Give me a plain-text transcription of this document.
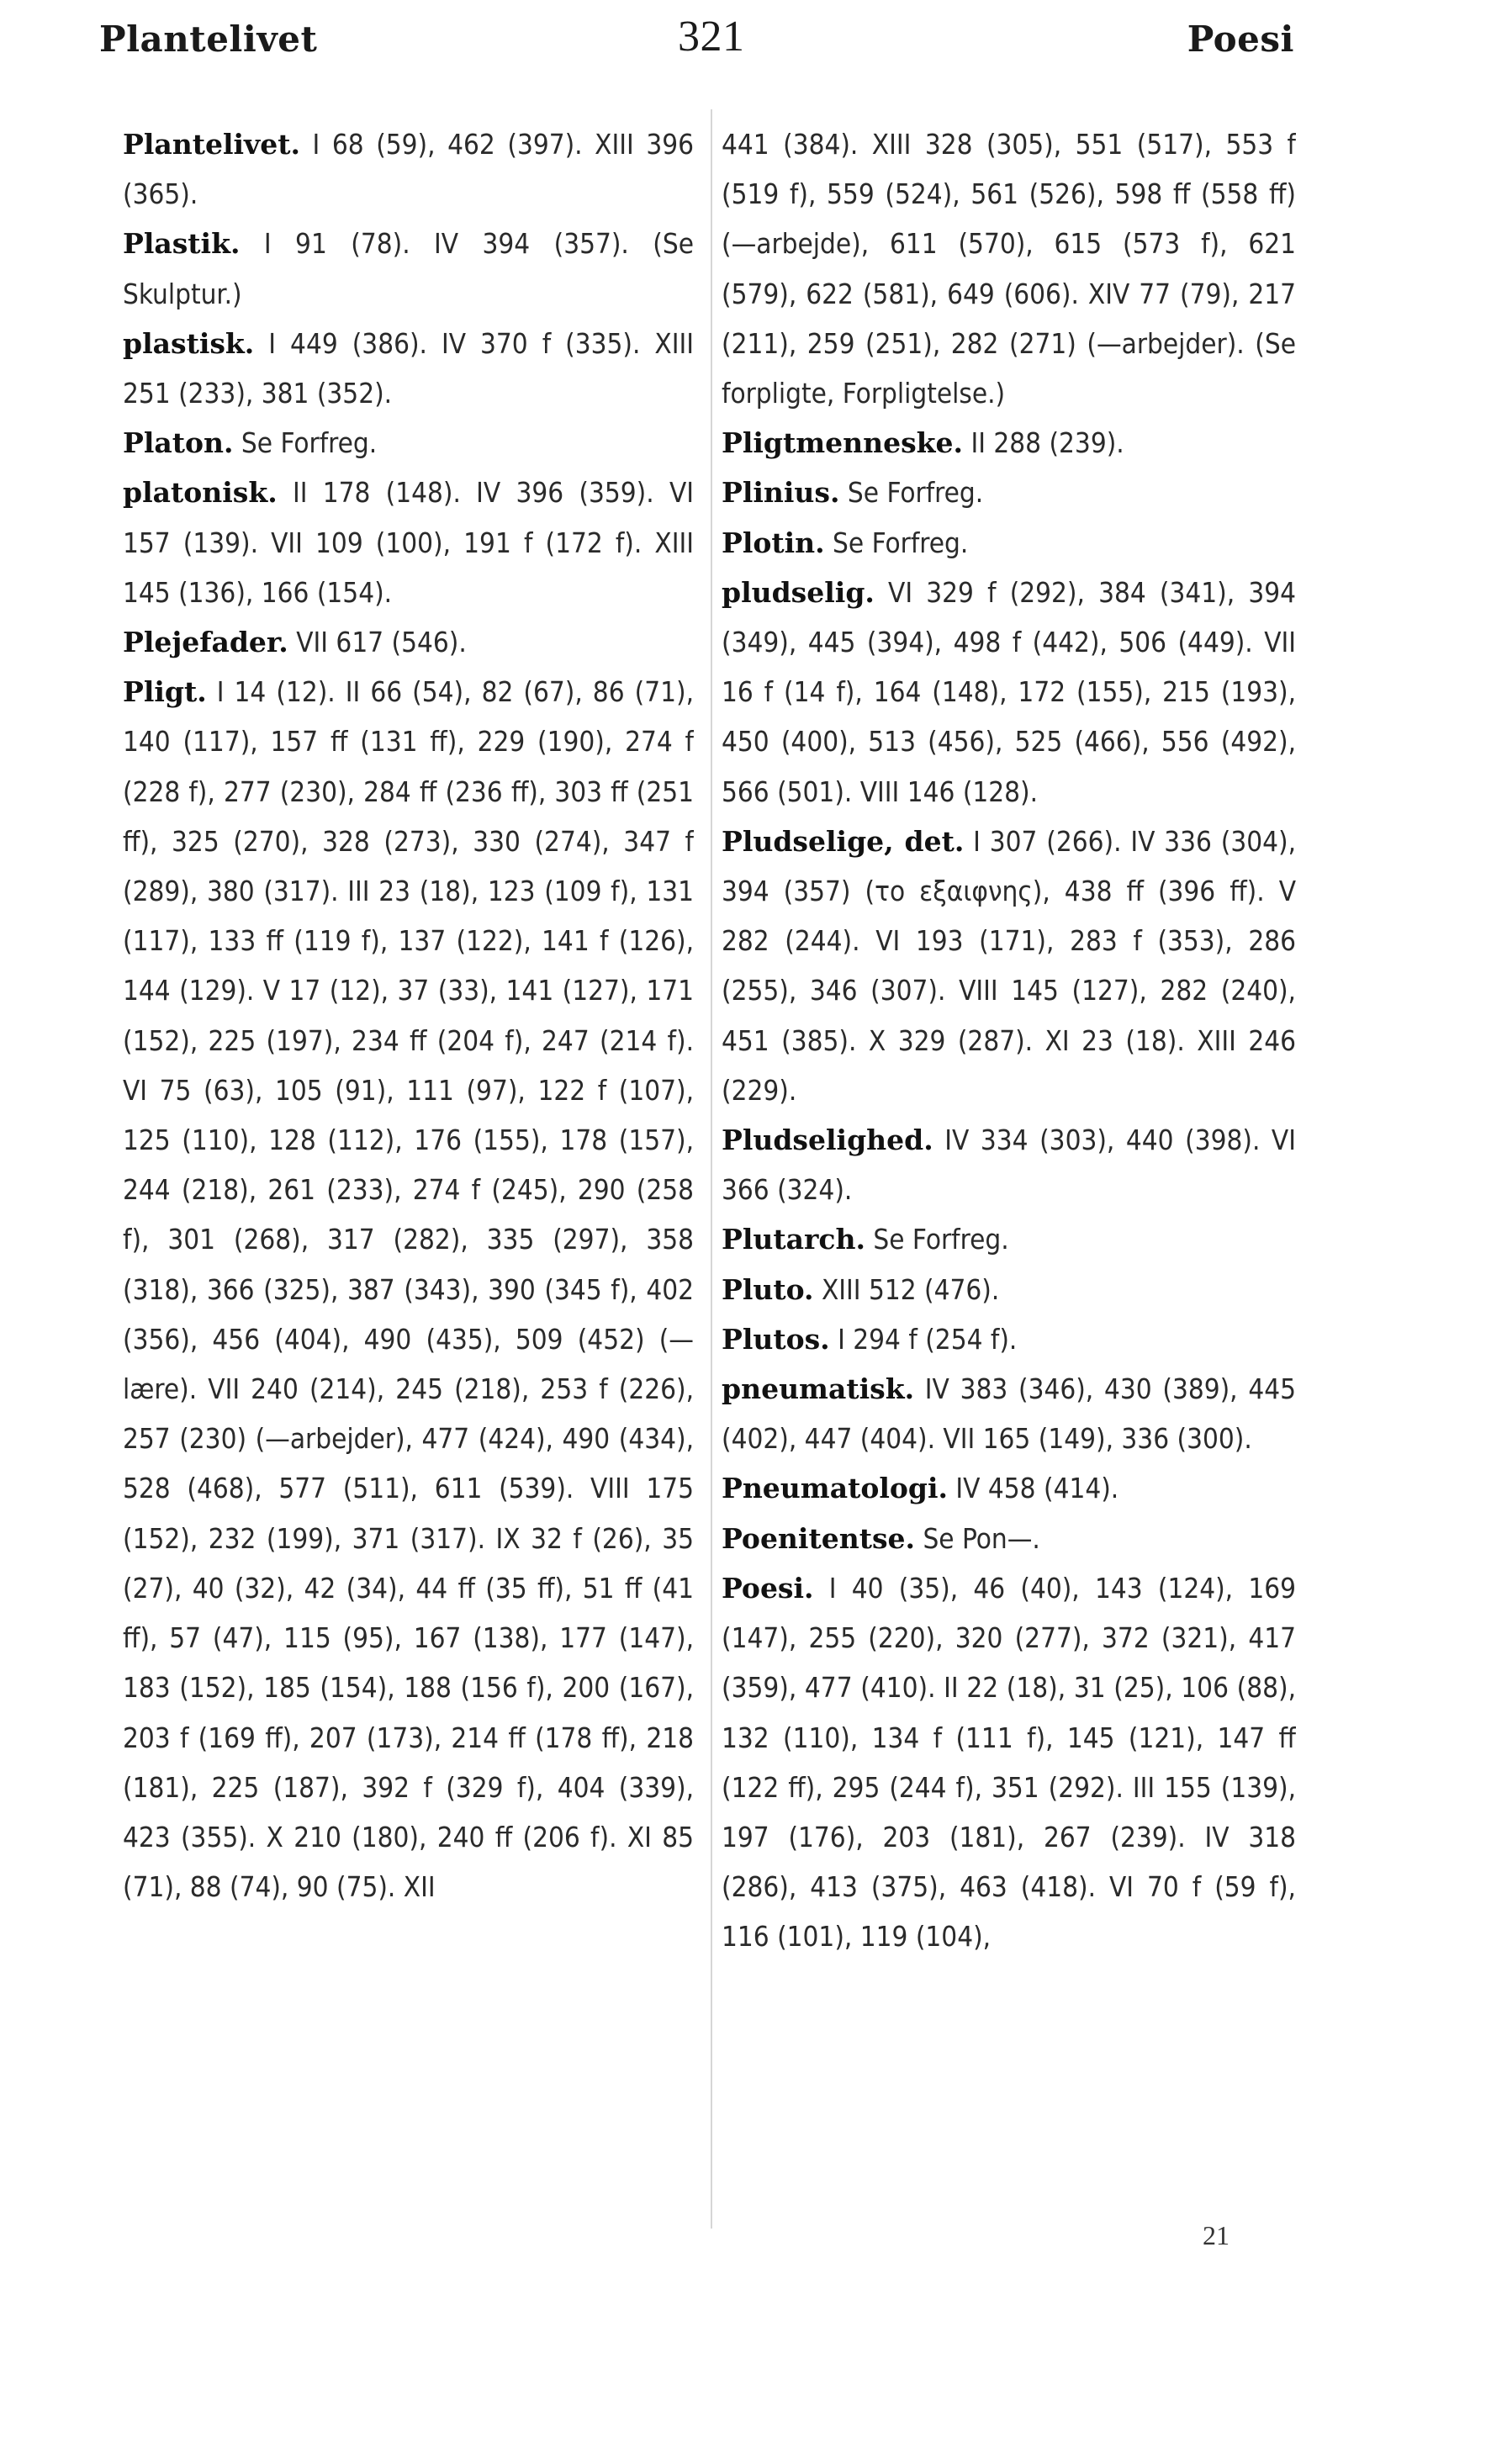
Plantelivet	321	Poesi

Plantelivet. I 68 (59), 462 (397). XIII 396 (365).

Plastik. I 91 (78). IV 394 (357). (Se Skulptur.)

plastisk. I 449 (386). IV 370 f (335). XIII 251 (233), 381 (352).

Platon. Se Forfreg.

platonisk. II 178 (148). IV 396 (359). VI 157 (139). VII 109 (100), 191 f (172 f). XIII 145 (136), 166 (154).

Plejefader. VII 617 (546).

Pligt. I 14 (12). II 66 (54), 82 (67), 86 (71), 140 (117), 157 ff (131 ff), 229 (190), 274 f (228 f), 277 (230), 284 ff (236 ff), 303 ff (251 ff), 325 (270), 328 (273), 330 (274), 347 f (289), 380 (317). III 23 (18), 123 (109 f), 131 (117), 133 ff (119 f), 137 (122), 141 f (126), 144 (129). V 17 (12), 37 (33), 141 (127), 171 (152), 225 (197), 234 ff (204 f), 247 (214 f). VI 75 (63), 105 (91), 111 (97), 122 f (107), 125 (110), 128 (112), 176 (155), 178 (157), 244 (218), 261 (233), 274 f (245), 290 (258 f), 301 (268), 317 (282), 335 (297), 358 (318), 366 (325), 387 (343), 390 (345 f), 402 (356), 456 (404), 490 (435), 509 (452) (—lære). VII 240 (214), 245 (218), 253 f (226), 257 (230) (—arbejder), 477 (424), 490 (434), 528 (468), 577 (511), 611 (539). VIII 175 (152), 232 (199), 371 (317). IX 32 f (26), 35 (27), 40 (32), 42 (34), 44 ff (35 ff), 51 ff (41 ff), 57 (47), 115 (95), 167 (138), 177 (147), 183 (152), 185 (154), 188 (156 f), 200 (167), 203 f (169 ff), 207 (173), 214 ff (178 ff), 218 (181), 225 (187), 392 f (329 f), 404 (339), 423 (355). X 210 (180), 240 ff (206 f). XI 85 (71), 88 (74), 90 (75). XII

441 (384). XIII 328 (305), 551 (517), 553 f (519 f), 559 (524), 561 (526), 598 ff (558 ff) (—arbejde), 611 (570), 615 (573 f), 621 (579), 622 (581), 649 (606). XIV 77 (79), 217 (211), 259 (251), 282 (271) (—arbejder). (Se forpligte, Forpligtelse.)

Pligtmenneske. II 288 (239).

Plinius. Se Forfreg.

Plotin. Se Forfreg.

pludselig. VI 329 f (292), 384 (341), 394 (349), 445 (394), 498 f (442), 506 (449). VII 16 f (14 f), 164 (148), 172 (155), 215 (193), 450 (400), 513 (456), 525 (466), 556 (492), 566 (501). VIII 146 (128).

Pludselige, det. I 307 (266). IV 336 (304), 394 (357) (το εξαιφνης), 438 ff (396 ff). V 282 (244). VI 193 (171), 283 f (353), 286 (255), 346 (307). VIII 145 (127), 282 (240), 451 (385). X 329 (287). XI 23 (18). XIII 246 (229).

Pludselighed. IV 334 (303), 440 (398). VI 366 (324).

Plutarch. Se Forfreg.

Pluto. XIII 512 (476).

Plutos. I 294 f (254 f).

pneumatisk. IV 383 (346), 430 (389), 445 (402), 447 (404). VII 165 (149), 336 (300).

Pneumatologi. IV 458 (414).

Poenitentse. Se Pon—.

Poesi. I 40 (35), 46 (40), 143 (124), 169 (147), 255 (220), 320 (277), 372 (321), 417 (359), 477 (410). II 22 (18), 31 (25), 106 (88), 132 (110), 134 f (111 f), 145 (121), 147 ff (122 ff), 295 (244 f), 351 (292). III 155 (139), 197 (176), 203 (181), 267 (239). IV 318 (286), 413 (375), 463 (418). VI 70 f (59 f), 116 (101), 119 (104),

21
